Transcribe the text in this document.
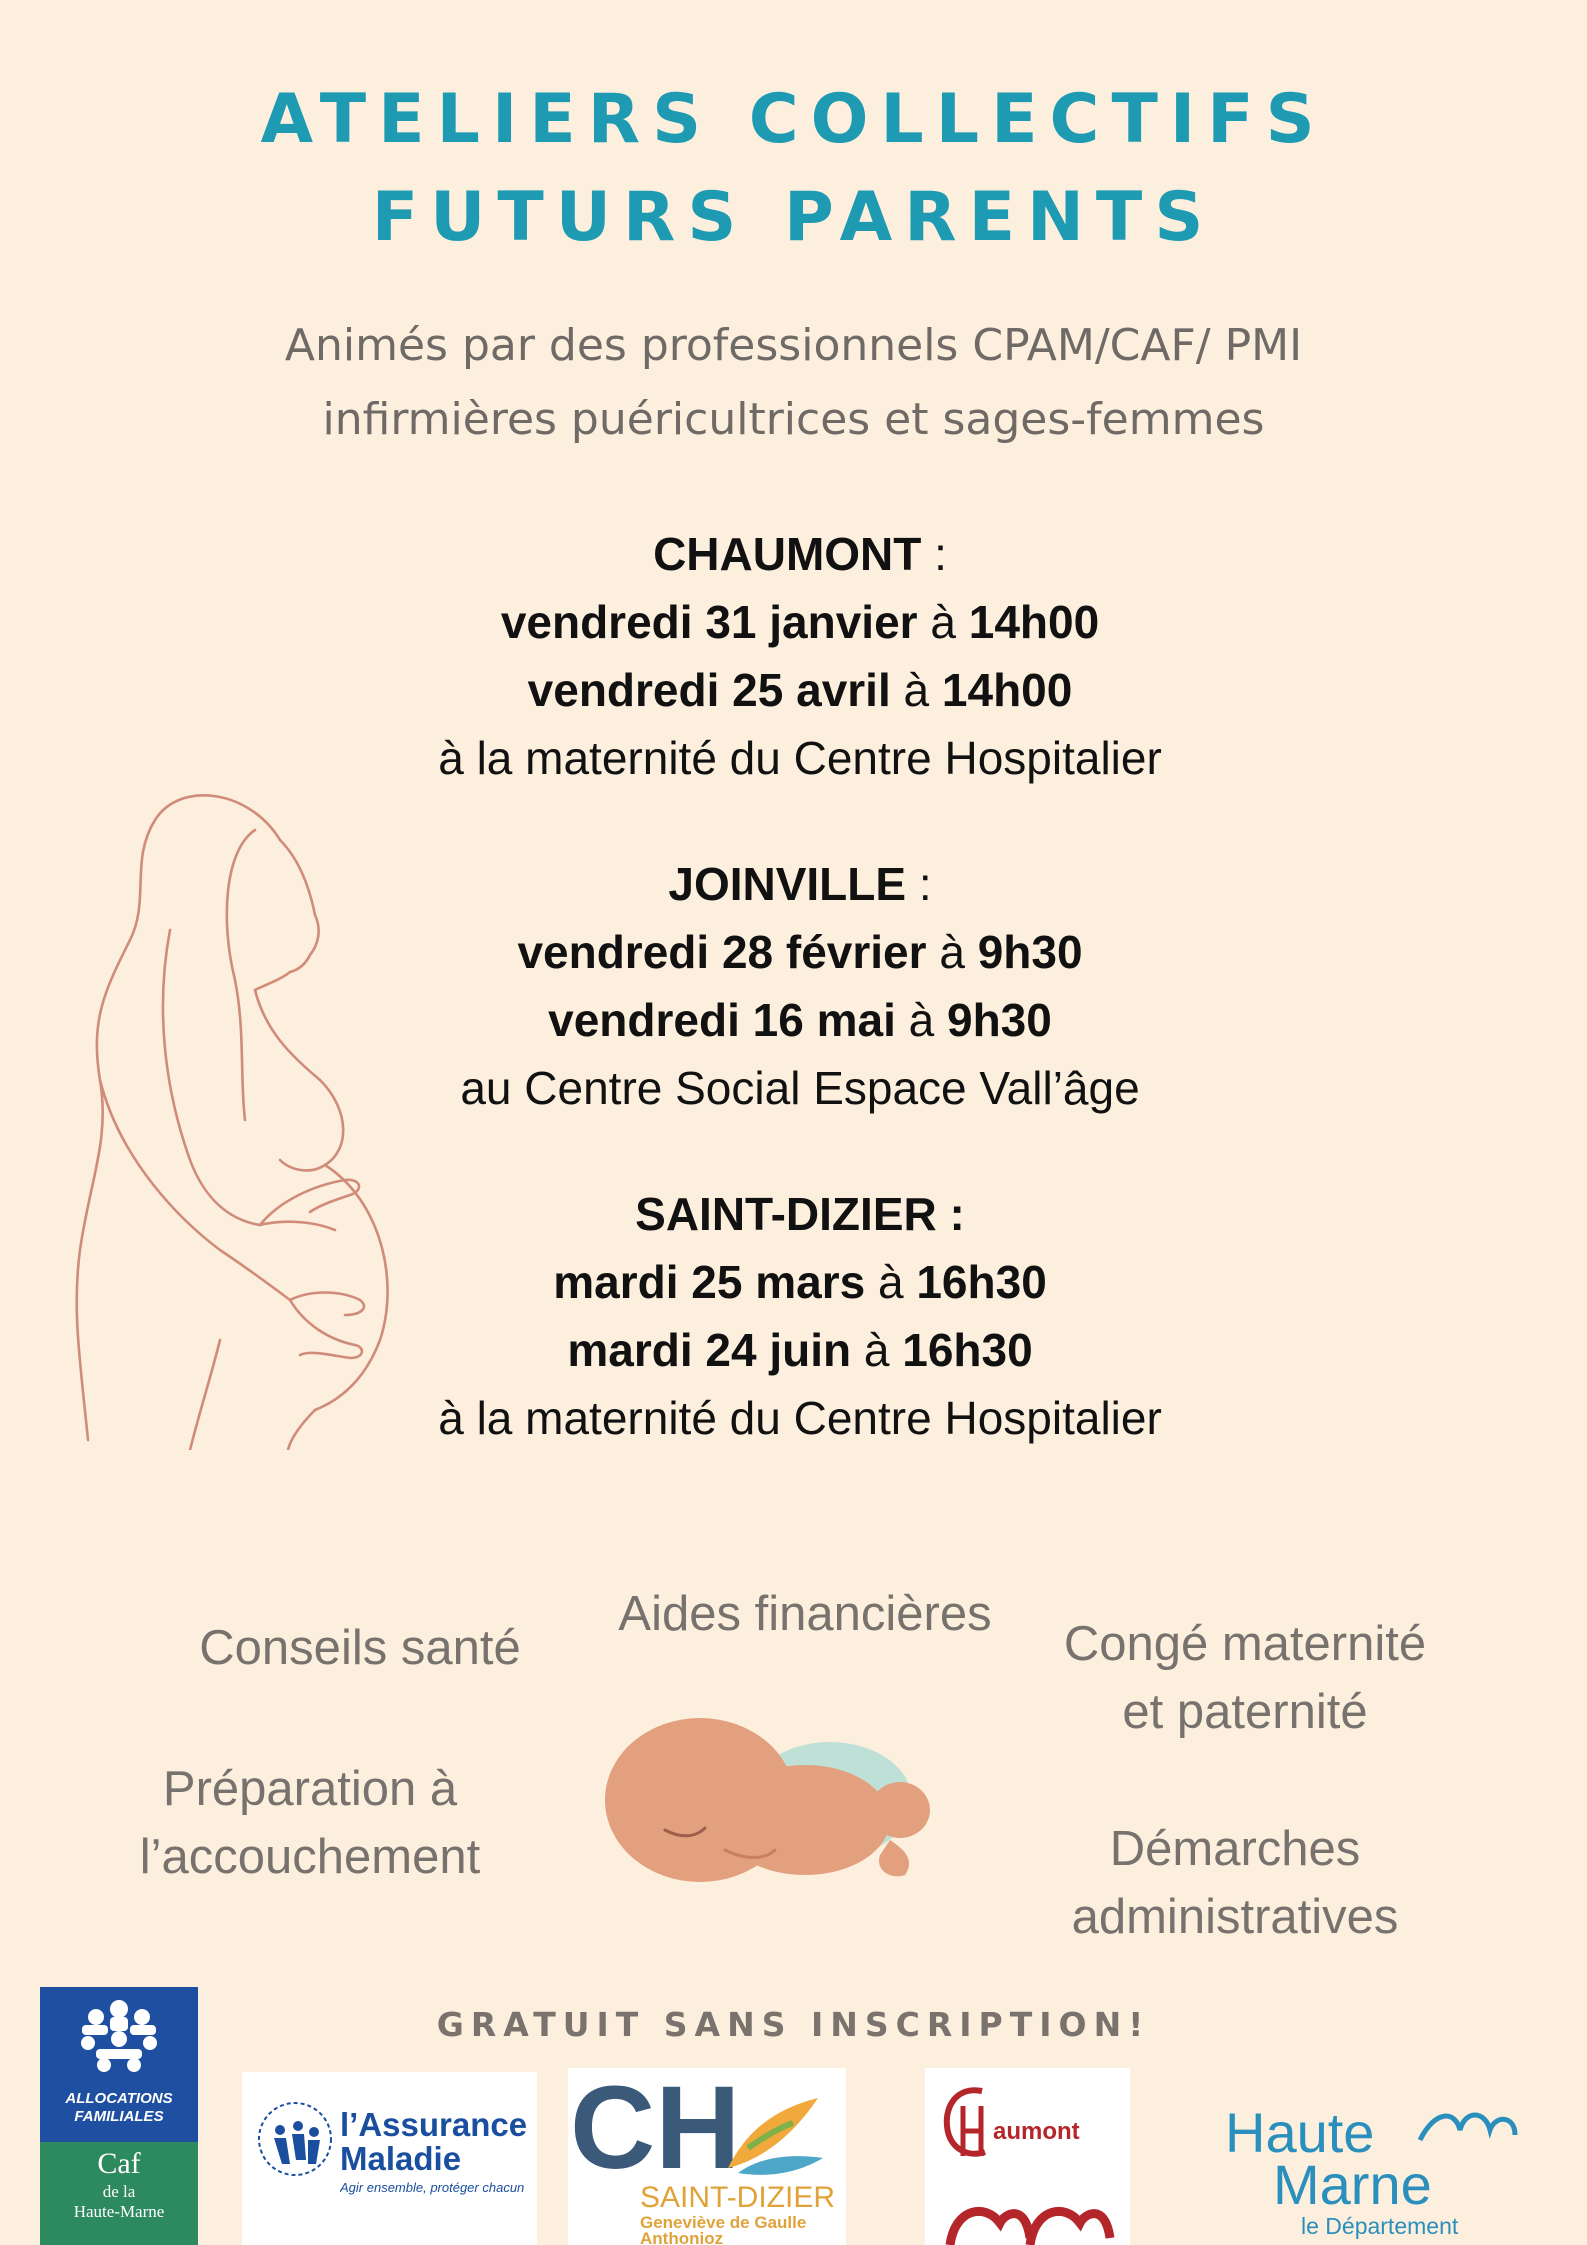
ATELIERS COLLECTIFS
FUTURS PARENTS
Animés par des professionnels CPAM/CAF/ PMI
infirmières puéricultrices et sages-femmes
CHAUMONT :
vendredi 31 janvier à 14h00
vendredi 25 avril à 14h00
à la maternité du Centre Hospitalier
JOINVILLE :
vendredi 28 février à 9h30
vendredi 16 mai à 9h30
au Centre Social Espace Vall’âge
SAINT-DIZIER :
mardi 25 mars à 16h30
mardi 24 juin à 16h30
à la maternité du Centre Hospitalier
Conseils santé
Aides financières
Congé maternité
et paternité
Préparation à
l’accouchement	Démarches
administratives
GRATUIT SANS INSCRIPTION!
ALLOCATIONS
FAMILIALES
Caf
de la
Haute-Marne
l’Assurance
Maladie
Agir ensemble, protéger chacun CH
SAINT-DIZIER
Geneviève de Gaulle
Anthonioz
aumont	Haute
Marne
le Département
